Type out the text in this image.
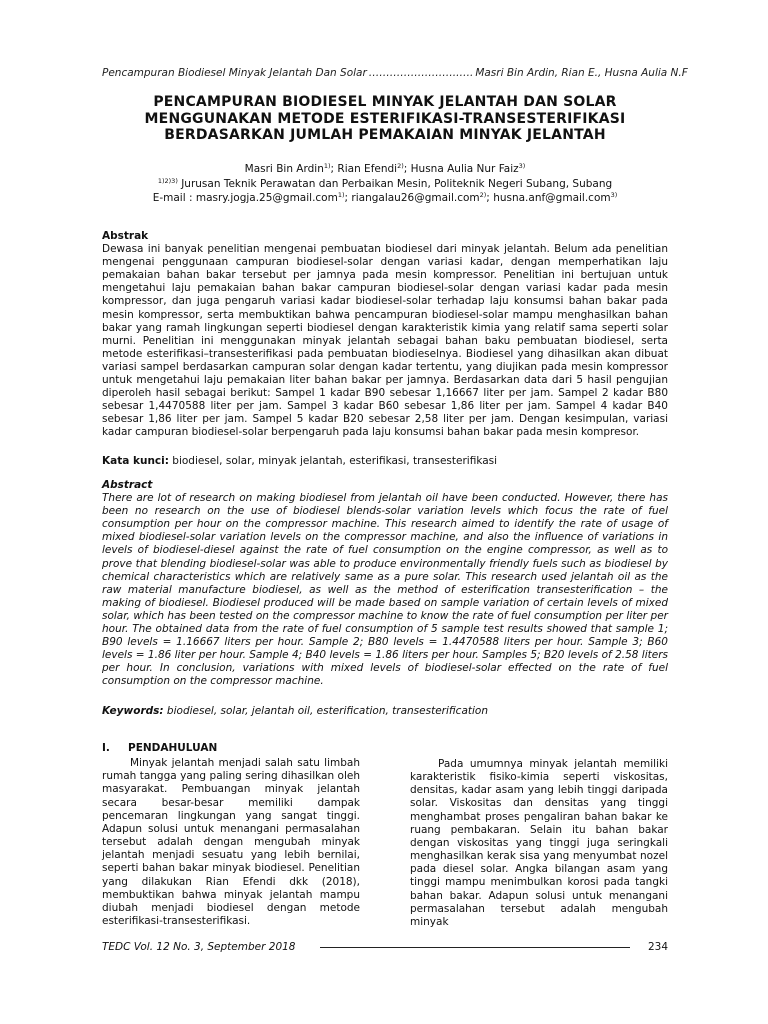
Pencampuran Biodiesel Minyak Jelantah Dan Solar ……………………..…. Masri Bin Ardin, Rian E., Husna Aulia N.F
PENCAMPURAN BIODIESEL MINYAK JELANTAH DAN SOLAR
MENGGUNAKAN METODE ESTERIFIKASI-TRANSESTERIFIKASI
BERDASARKAN JUMLAH PEMAKAIAN MINYAK JELANTAH
Masri Bin Ardin$^{1)}$; Rian Efendi$^{2)}$; Husna Aulia Nur Faiz$^{3)}$
$^{1)2)3)}$ Jurusan Teknik Perawatan dan Perbaikan Mesin, Politeknik Negeri Subang, Subang
E-mail : masry.jogja.25@gmail.com$^{1)}$; riangalau26@gmail.com$^{2)}$; husna.anf@gmail.com$^{3)}$
Abstrak
Dewasa ini banyak penelitian mengenai pembuatan biodiesel dari minyak jelantah. Belum ada penelitian mengenai penggunaan campuran biodiesel-solar dengan variasi kadar, dengan memperhatikan laju pemakaian bahan bakar tersebut per jamnya pada mesin kompressor. Penelitian ini bertujuan untuk mengetahui laju pemakaian bahan bakar campuran biodiesel-solar dengan variasi kadar pada mesin kompressor, dan juga pengaruh variasi kadar biodiesel-solar terhadap laju konsumsi bahan bakar pada mesin kompressor, serta membuktikan bahwa pencampuran biodiesel-solar mampu menghasilkan bahan bakar yang ramah lingkungan seperti biodiesel dengan karakteristik kimia yang relatif sama seperti solar murni. Penelitian ini menggunakan minyak jelantah sebagai bahan baku pembuatan biodiesel, serta metode esterifikasi–transesterifikasi pada pembuatan biodieselnya. Biodiesel yang dihasilkan akan dibuat variasi sampel berdasarkan campuran solar dengan kadar tertentu, yang diujikan pada mesin kompressor untuk mengetahui laju pemakaian liter bahan bakar per jamnya. Berdasarkan data dari 5 hasil pengujian diperoleh hasil sebagai berikut: Sampel 1 kadar B90 sebesar 1,16667 liter per jam. Sampel 2 kadar B80 sebesar 1,4470588 liter per jam. Sampel 3 kadar B60 sebesar 1,86 liter per jam. Sampel 4 kadar B40 sebesar 1,86 liter per jam. Sampel 5 kadar B20 sebesar 2,58 liter per jam. Dengan kesimpulan, variasi kadar campuran biodiesel-solar berpengaruh pada laju konsumsi bahan bakar pada mesin kompresor.
Kata kunci: biodiesel, solar, minyak jelantah, esterifikasi, transesterifikasi
Abstract
There are lot of research on making biodiesel from jelantah oil have been conducted. However, there has been no research on the use of biodiesel blends-solar variation levels which focus the rate of fuel consumption per hour on the compressor machine. This research aimed to identify the rate of usage of mixed biodiesel-solar variation levels on the compressor machine, and also the influence of variations in levels of biodiesel-diesel against the rate of fuel consumption on the engine compressor, as well as to prove that blending biodiesel-solar was able to produce environmentally friendly fuels such as biodiesel by chemical characteristics which are relatively same as a pure solar. This research used jelantah oil as the raw material manufacture biodiesel, as well as the method of esterification transesterification – the making of biodiesel. Biodiesel produced will be made based on sample variation of certain levels of mixed solar, which has been tested on the compressor machine to know the rate of fuel consumption per liter per hour. The obtained data from the rate of fuel consumption of 5 sample test results showed that sample 1; B90 levels = 1.16667 liters per hour. Sample 2; B80 levels = 1.4470588 liters per hour. Sample 3; B60 levels = 1.86 liter per hour. Sample 4; B40 levels = 1.86 liters per hour. Samples 5; B20 levels of 2.58 liters per hour. In conclusion, variations with mixed levels of biodiesel-solar effected on the rate of fuel consumption on the compressor machine.
Keywords: biodiesel, solar, jelantah oil, esterification, transesterification
I. PENDAHULUAN

Minyak jelantah menjadi salah satu limbah rumah tangga yang paling sering dihasilkan oleh masyarakat. Pembuangan minyak jelantah secara besar-besar memiliki dampak pencemaran lingkungan yang sangat tinggi. Adapun solusi untuk menangani permasalahan tersebut adalah dengan mengubah minyak jelantah menjadi sesuatu yang lebih bernilai, seperti bahan bakar minyak biodiesel. Penelitian yang dilakukan Rian Efendi dkk (2018), membuktikan bahwa minyak jelantah mampu diubah menjadi biodiesel dengan metode esterifikasi-transesterifikasi.

Pada umumnya minyak jelantah memiliki karakteristik fisiko-kimia seperti viskositas, densitas, kadar asam yang lebih tinggi daripada solar. Viskositas dan densitas yang tinggi menghambat proses pengaliran bahan bakar ke ruang pembakaran. Selain itu bahan bakar dengan viskositas yang tinggi juga seringkali menghasilkan kerak sisa yang menyumbat nozel pada diesel solar. Angka bilangan asam yang tinggi mampu menimbulkan korosi pada tangki bahan bakar. Adapun solusi untuk menangani permasalahan tersebut adalah mengubah minyak

TEDC Vol. 12 No. 3, September 2018	234
